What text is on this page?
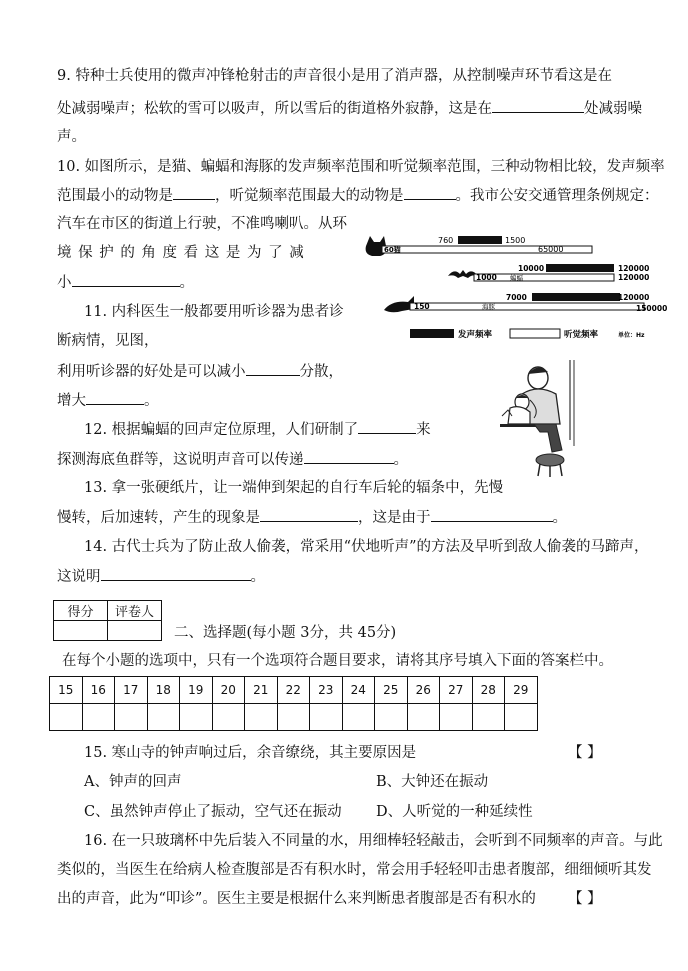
9. 特种士兵使用的微声冲锋枪射击的声音很小是用了消声器，从控制噪声环节看这是在
处减弱噪声；松软的雪可以吸声，所以雪后的街道格外寂静，这是在	处减弱噪
声。
10. 如图所示，是猫、蝙蝠和海豚的发声频率范围和听觉频率范围，三种动物相比较，发声频率
范围最小的动物是	，听觉频率范围最大的动物是	。我市公安交通管理条例规定：
汽车在市区的街道上行驶，不准鸣喇叭。从环
境 保 护 的 角 度 看 这 是 为 了 减
小	。
60猫
760	1500
65000
1000 蝙蝠
10000	120000
120000
150	海豚
7000	120000
150000
发声频率	听觉频率	单位：Hz
11. 内科医生一般都要用听诊器为患者诊
断病情，见图，
利用听诊器的好处是可以减小	分散，
增大	。
12. 根据蝙蝠的回声定位原理，人们研制了	来
探测海底鱼群等，这说明声音可以传递	。
13. 拿一张硬纸片，让一端伸到架起的自行车后轮的辐条中，先慢
慢转，后加速转，产生的现象是	，这是由于	。
14. 古代士兵为了防止敌人偷袭，常采用“伏地听声”的方法及早听到敌人偷袭的马蹄声，
这说明	。
得分	评卷人

二、选择题(每小题 3分，共 45分)
在每个小题的选项中，只有一个选项符合题目要求，请将其序号填入下面的答案栏中。
15	16	17	18	19	20	21	22	23	24	25	26	27	28	29

15. 寒山寺的钟声响过后，余音缭绕，其主要原因是	【 】
A、钟声的回声	B、大钟还在振动
C、虽然钟声停止了振动，空气还在振动 D、人听觉的一种延续性
16. 在一只玻璃杯中先后装入不同量的水，用细棒轻轻敲击，会听到不同频率的声音。与此
类似的，当医生在给病人检查腹部是否有积水时，常会用手轻轻叩击患者腹部，细细倾听其发
出的声音，此为“叩诊”。医生主要是根据什么来判断患者腹部是否有积水的 【 】
